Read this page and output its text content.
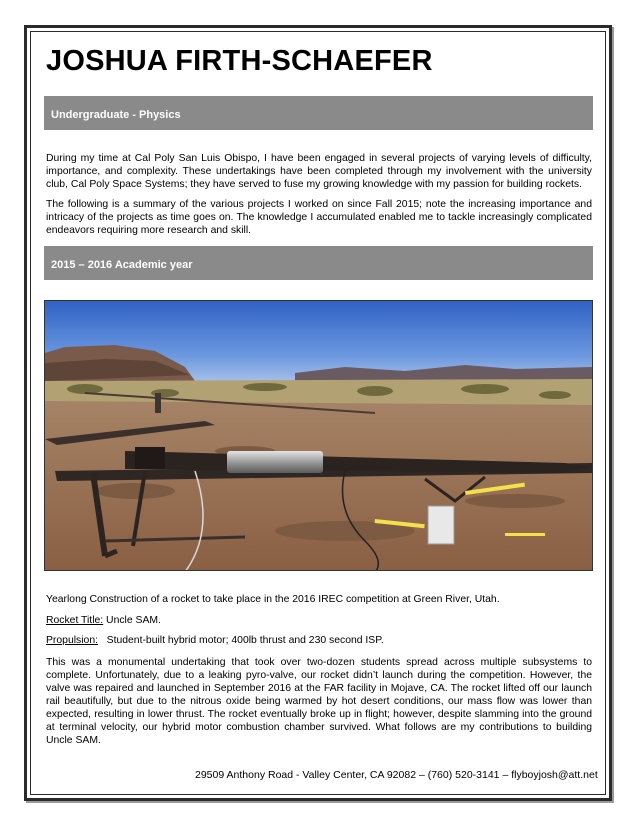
JOSHUA FIRTH-SCHAEFER
Undergraduate - Physics

During my time at Cal Poly San Luis Obispo, I have been engaged in several projects of varying levels of difficulty, importance, and complexity. These undertakings have been completed through my involvement with the university club, Cal Poly Space Systems; they have served to fuse my growing knowledge with my passion for building rockets.

The following is a summary of the various projects I worked on since Fall 2015; note the increasing importance and intricacy of the projects as time goes on. The knowledge I accumulated enabled me to tackle increasingly complicated endeavors requiring more research and skill.

2015 – 2016 Academic year

Yearlong Construction of a rocket to take place in the 2016 IREC competition at Green River, Utah.

Rocket Title: Uncle SAM.

Propulsion:   Student-built hybrid motor; 400lb thrust and 230 second ISP.

This was a monumental undertaking that took over two-dozen students spread across multiple subsystems to complete. Unfortunately, due to a leaking pyro-valve, our rocket didn’t launch during the competition. However, the valve was repaired and launched in September 2016 at the FAR facility in Mojave, CA. The rocket lifted off our launch rail beautifully, but due to the nitrous oxide being warmed by hot desert conditions, our mass flow was lower than expected, resulting in lower thrust. The rocket eventually broke up in flight; however, despite slamming into the ground at terminal velocity, our hybrid motor combustion chamber survived. What follows are my contributions to building Uncle SAM.

29509 Anthony Road - Valley Center, CA 92082 – (760) 520-3141 – flyboyjosh@att.net
